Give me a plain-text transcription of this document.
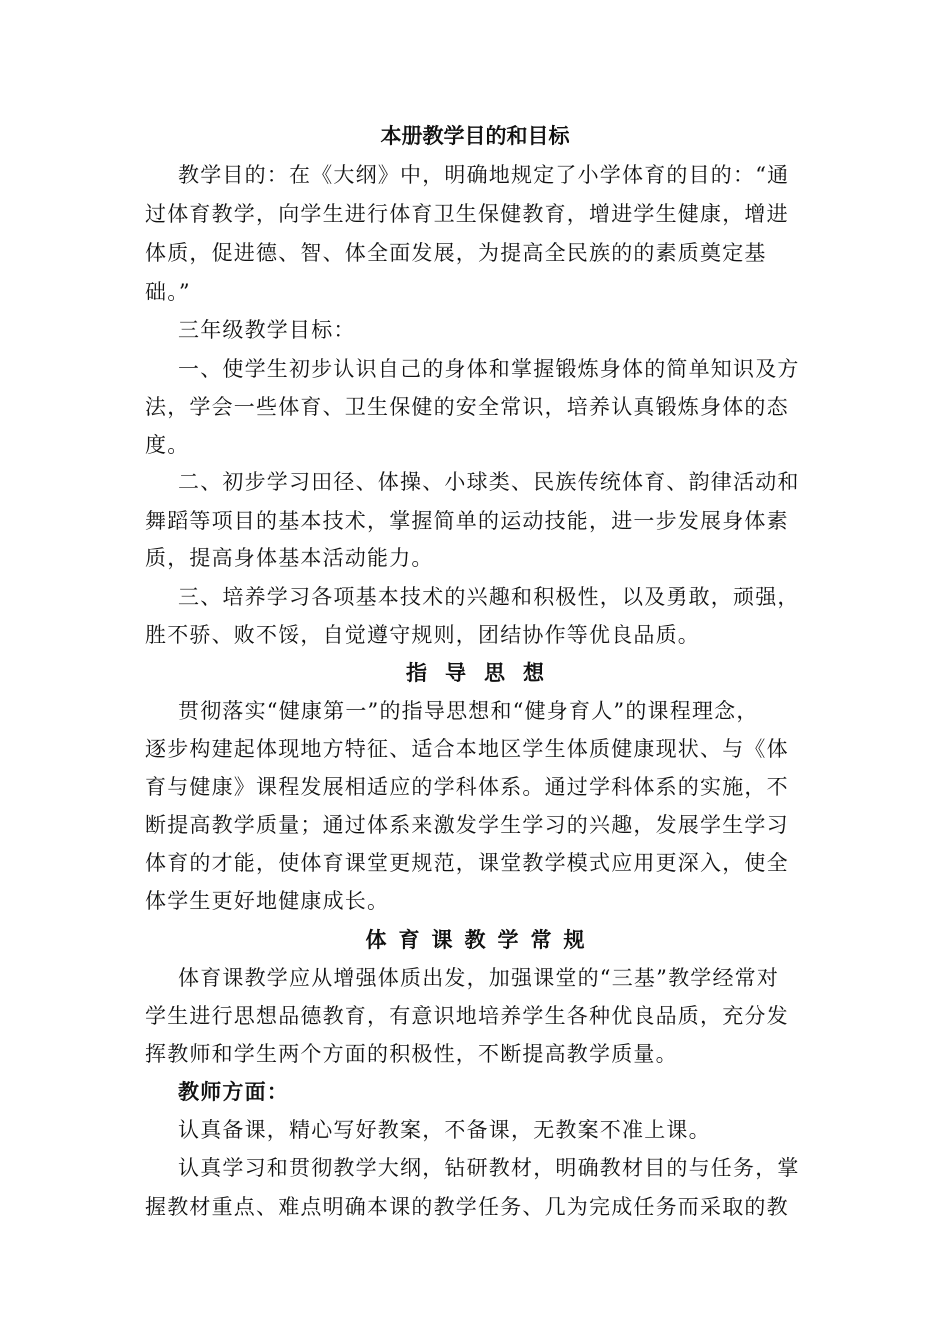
本册教学目的和目标
教学目的：在《大纲》中，明确地规定了小学体育的目的：“通
过体育教学，向学生进行体育卫生保健教育，增进学生健康，增进
体质，促进德、智、体全面发展，为提高全民族的的素质奠定基
础。”
三年级教学目标：
一、使学生初步认识自己的身体和掌握锻炼身体的简单知识及方
法，学会一些体育、卫生保健的安全常识，培养认真锻炼身体的态
度。
二、初步学习田径、体操、小球类、民族传统体育、韵律活动和
舞蹈等项目的基本技术，掌握简单的运动技能，进一步发展身体素
质，提高身体基本活动能力。
三、培养学习各项基本技术的兴趣和积极性，以及勇敢，顽强，
胜不骄、败不馁，自觉遵守规则，团结协作等优良品质。
指导思想
贯彻落实“健康第一”的指导思想和“健身育人”的课程理念，
逐步构建起体现地方特征、适合本地区学生体质健康现状、与《体
育与健康》课程发展相适应的学科体系。通过学科体系的实施，不
断提高教学质量；通过体系来激发学生学习的兴趣，发展学生学习
体育的才能，使体育课堂更规范，课堂教学模式应用更深入，使全
体学生更好地健康成长。
体育课教学常规
体育课教学应从增强体质出发，加强课堂的“三基”教学经常对
学生进行思想品德教育，有意识地培养学生各种优良品质，充分发
挥教师和学生两个方面的积极性，不断提高教学质量。
教师方面：
认真备课，精心写好教案，不备课，无教案不准上课。
认真学习和贯彻教学大纲，钻研教材，明确教材目的与任务，掌
握教材重点、难点明确本课的教学任务、几为完成任务而采取的教
